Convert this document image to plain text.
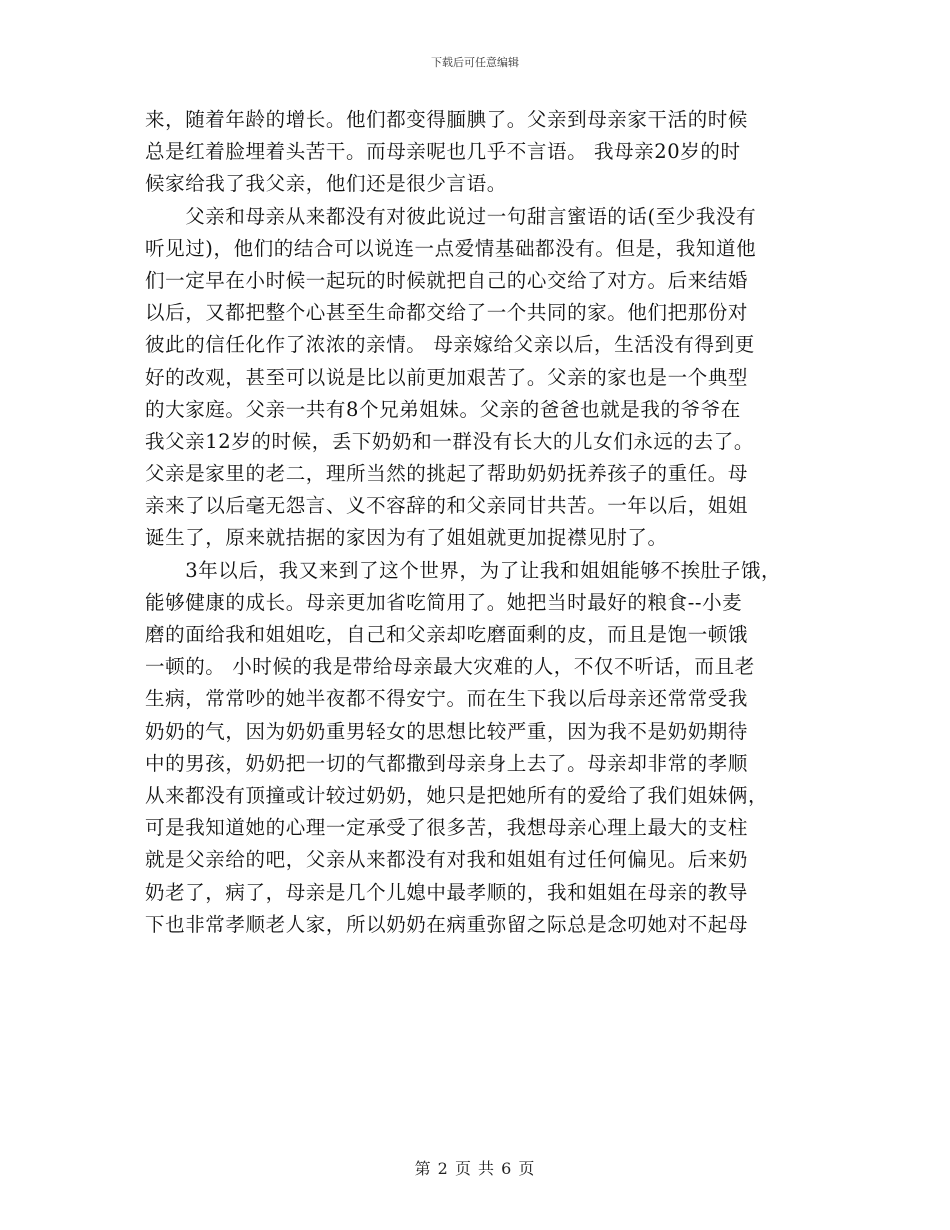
下载后可任意编辑
来，随着年龄的增长。他们都变得腼腆了。父亲到母亲家干活的时候
总是红着脸埋着头苦干。而母亲呢也几乎不言语。 我母亲20岁的时
候家给我了我父亲，他们还是很少言语。
　　父亲和母亲从来都没有对彼此说过一句甜言蜜语的话(至少我没有
听见过)，他们的结合可以说连一点爱情基础都没有。但是，我知道他
们一定早在小时候一起玩的时候就把自己的心交给了对方。后来结婚
以后，又都把整个心甚至生命都交给了一个共同的家。他们把那份对
彼此的信任化作了浓浓的亲情。 母亲嫁给父亲以后，生活没有得到更
好的改观，甚至可以说是比以前更加艰苦了。父亲的家也是一个典型
的大家庭。父亲一共有8个兄弟姐妹。父亲的爸爸也就是我的爷爷在
我父亲12岁的时候，丢下奶奶和一群没有长大的儿女们永远的去了。
父亲是家里的老二，理所当然的挑起了帮助奶奶抚养孩子的重任。母
亲来了以后毫无怨言、义不容辞的和父亲同甘共苦。一年以后，姐姐
诞生了，原来就拮据的家因为有了姐姐就更加捉襟见肘了。
　　3年以后，我又来到了这个世界，为了让我和姐姐能够不挨肚子饿，
能够健康的成长。母亲更加省吃简用了。她把当时最好的粮食--小麦
磨的面给我和姐姐吃，自己和父亲却吃磨面剩的皮，而且是饱一顿饿
一顿的。 小时候的我是带给母亲最大灾难的人，不仅不听话，而且老
生病，常常吵的她半夜都不得安宁。而在生下我以后母亲还常常受我
奶奶的气，因为奶奶重男轻女的思想比较严重，因为我不是奶奶期待
中的男孩，奶奶把一切的气都撒到母亲身上去了。母亲却非常的孝顺
从来都没有顶撞或计较过奶奶，她只是把她所有的爱给了我们姐妹俩，
可是我知道她的心理一定承受了很多苦，我想母亲心理上最大的支柱
就是父亲给的吧，父亲从来都没有对我和姐姐有过任何偏见。后来奶
奶老了，病了，母亲是几个儿媳中最孝顺的，我和姐姐在母亲的教导
下也非常孝顺老人家，所以奶奶在病重弥留之际总是念叨她对不起母
第 2 页 共 6 页
